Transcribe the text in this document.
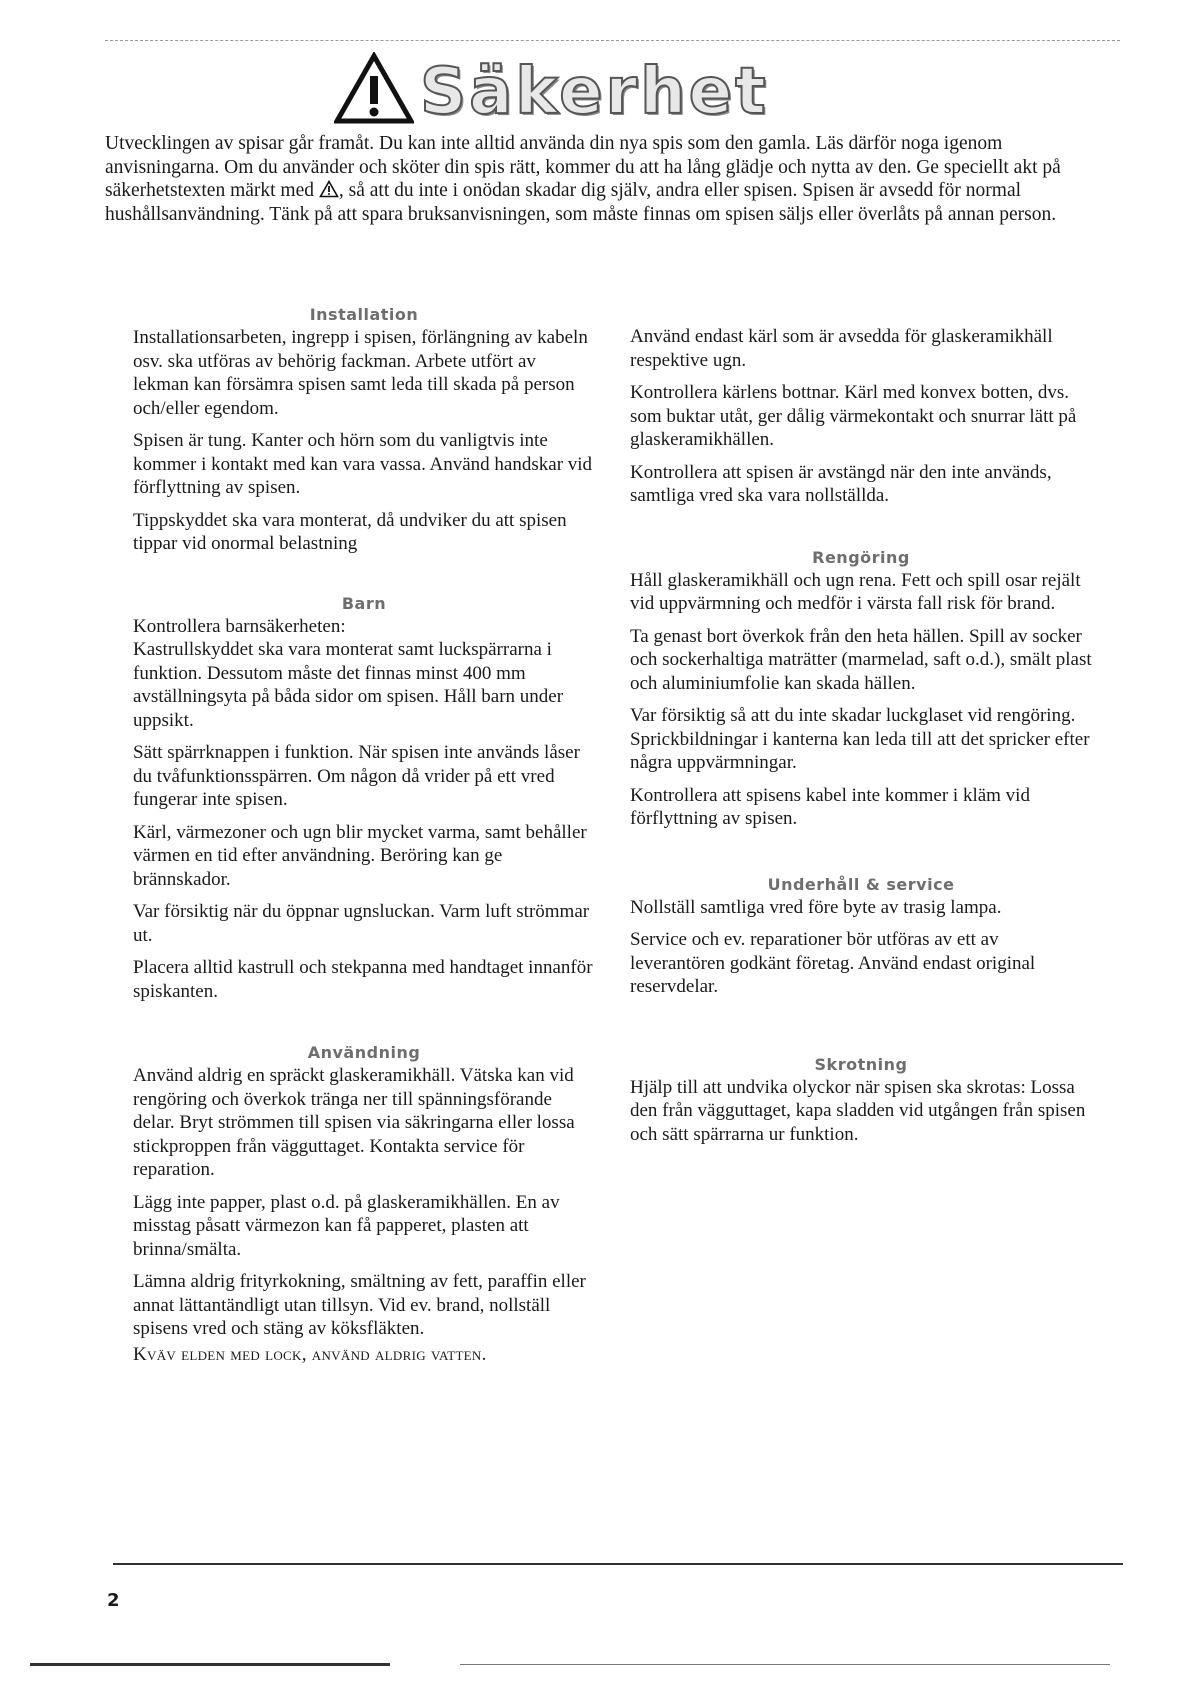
Säkerhet

Utvecklingen av spisar går framåt. Du kan inte alltid använda din nya spis som den gamla. Läs därför noga igenom anvisningarna. Om du använder och sköter din spis rätt, kommer du att ha lång glädje och nytta av den. Ge speciellt akt på säkerhetstexten märkt med , så att du inte i onödan skadar dig själv, andra eller spisen. Spisen är avsedd för normal hushållsanvändning. Tänk på att spara bruksanvisningen, som måste finnas om spisen säljs eller överlåts på annan person.

Installation

Installationsarbeten, ingrepp i spisen, förlängning av kabeln osv. ska utföras av behörig fackman. Arbete utfört av lekman kan försämra spisen samt leda till skada på person och/eller egendom.

Spisen är tung. Kanter och hörn som du vanligtvis inte kommer i kontakt med kan vara vassa. Använd handskar vid förflyttning av spisen.

Tippskyddet ska vara monterat, då undviker du att spisen tippar vid onormal belastning

Barn

Kontrollera barnsäkerheten:

Kastrullskyddet ska vara monterat samt luckspärrarna i funktion. Dessutom måste det finnas minst 400 mm avställningsyta på båda sidor om spisen. Håll barn under uppsikt.

Sätt spärrknappen i funktion. När spisen inte används låser du tvåfunktionsspärren. Om någon då vrider på ett vred fungerar inte spisen.

Kärl, värmezoner och ugn blir mycket varma, samt behåller värmen en tid efter användning. Beröring kan ge brännskador.

Var försiktig när du öppnar ugnsluckan. Varm luft strömmar ut.

Placera alltid kastrull och stekpanna med handtaget innanför spiskanten.

Användning

Använd aldrig en spräckt glaskeramikhäll. Vätska kan vid rengöring och överkok tränga ner till spänningsförande delar. Bryt strömmen till spisen via säkringarna eller lossa stickproppen från vägguttaget. Kontakta service för reparation.

Lägg inte papper, plast o.d. på glaskeramikhällen. En av misstag påsatt värmezon kan få papperet, plasten att brinna/smälta.

Lämna aldrig frityrkokning, smältning av fett, paraffin eller annat lättantändligt utan tillsyn. Vid ev. brand, nollställ spisens vred och stäng av köksfläkten.

Kväv elden med lock, använd aldrig vatten.

Använd endast kärl som är avsedda för glaskeramikhäll respektive ugn.

Kontrollera kärlens bottnar. Kärl med konvex botten, dvs. som buktar utåt, ger dålig värmekontakt och snurrar lätt på glaskeramikhällen.

Kontrollera att spisen är avstängd när den inte används, samtliga vred ska vara nollställda.

Rengöring

Håll glaskeramikhäll och ugn rena. Fett och spill osar rejält vid uppvärmning och medför i värsta fall risk för brand.

Ta genast bort överkok från den heta hällen. Spill av socker och sockerhaltiga maträtter (marmelad, saft o.d.), smält plast och aluminiumfolie kan skada hällen.

Var försiktig så att du inte skadar luckglaset vid rengöring. Sprickbildningar i kanterna kan leda till att det spricker efter några uppvärmningar.

Kontrollera att spisens kabel inte kommer i kläm vid förflyttning av spisen.

Underhåll & service

Nollställ samtliga vred före byte av trasig lampa.

Service och ev. reparationer bör utföras av ett av leverantören godkänt företag. Använd endast original reservdelar.

Skrotning

Hjälp till att undvika olyckor när spisen ska skrotas: Lossa den från vägguttaget, kapa sladden vid utgången från spisen och sätt spärrarna ur funktion.

2
